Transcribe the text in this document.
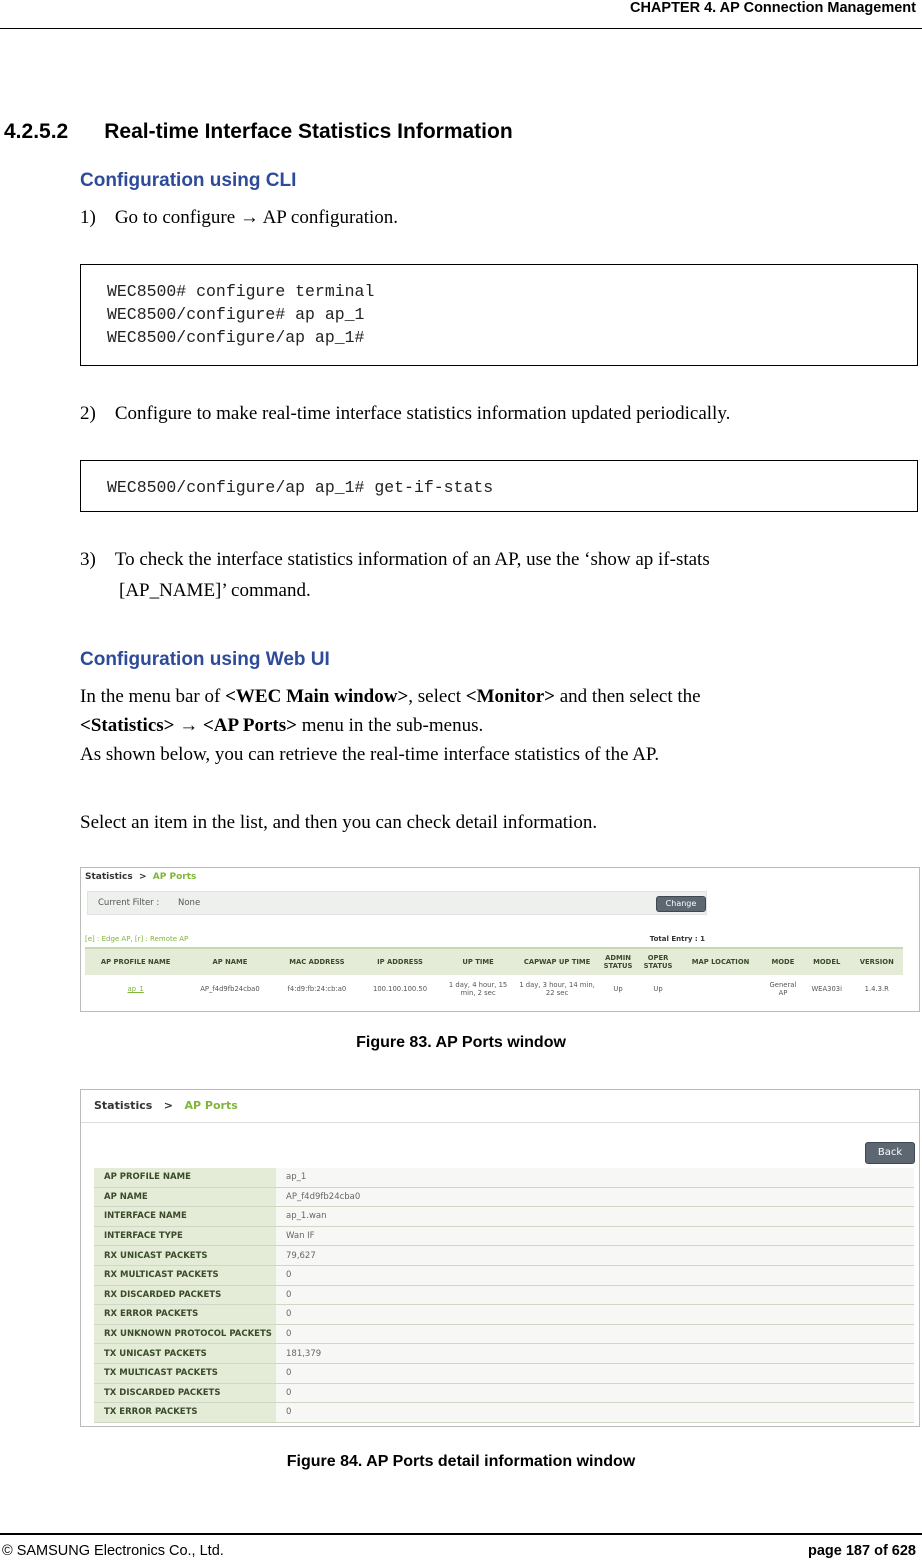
CHAPTER 4. AP Connection Management
4.2.5.2 Real-time Interface Statistics Information
Configuration using CLI
1) Go to configure → AP configuration.
WEC8500# configure terminal
WEC8500/configure# ap ap_1
WEC8500/configure/ap ap_1#
2) Configure to make real-time interface statistics information updated periodically.
WEC8500/configure/ap ap_1# get-if-stats
3) To check the interface statistics information of an AP, use the ‘show ap if-stats
[AP_NAME]’ command.
Configuration using Web UI
In the menu bar of <WEC Main window>, select <Monitor> and then select the
<Statistics> → <AP Ports> menu in the sub-menus.
As shown below, you can retrieve the real-time interface statistics of the AP.
Select an item in the list, and then you can check detail information.
Statistics > AP Ports
Current Filter : None	Change
[e] : Edge AP, [r] : Remote AP	Total Entry : 1
AP PROFILE NAME	AP NAME	MAC ADDRESS	IP ADDRESS	UP TIME	CAPWAP UP TIME	ADMIN STATUS	OPER STATUS	MAP LOCATION	MODE	MODEL	VERSION
ap_1	AP_f4d9fb24cba0	f4:d9:fb:24:cb:a0	100.100.100.50	1 day, 4 hour, 15 min, 2 sec	1 day, 3 hour, 14 min, 22 sec	Up	Up		General AP	WEA303i	1.4.3.R
Figure 83. AP Ports window
Statistics > AP Ports
Back
AP PROFILE NAME	ap_1
AP NAME	AP_f4d9fb24cba0
INTERFACE NAME	ap_1.wan
INTERFACE TYPE	Wan IF
RX UNICAST PACKETS	79,627
RX MULTICAST PACKETS	0
RX DISCARDED PACKETS	0
RX ERROR PACKETS	0
RX UNKNOWN PROTOCOL PACKETS	0
TX UNICAST PACKETS	181,379
TX MULTICAST PACKETS	0
TX DISCARDED PACKETS	0
TX ERROR PACKETS	0
Figure 84. AP Ports detail information window
© SAMSUNG Electronics Co., Ltd.	page 187 of 628
